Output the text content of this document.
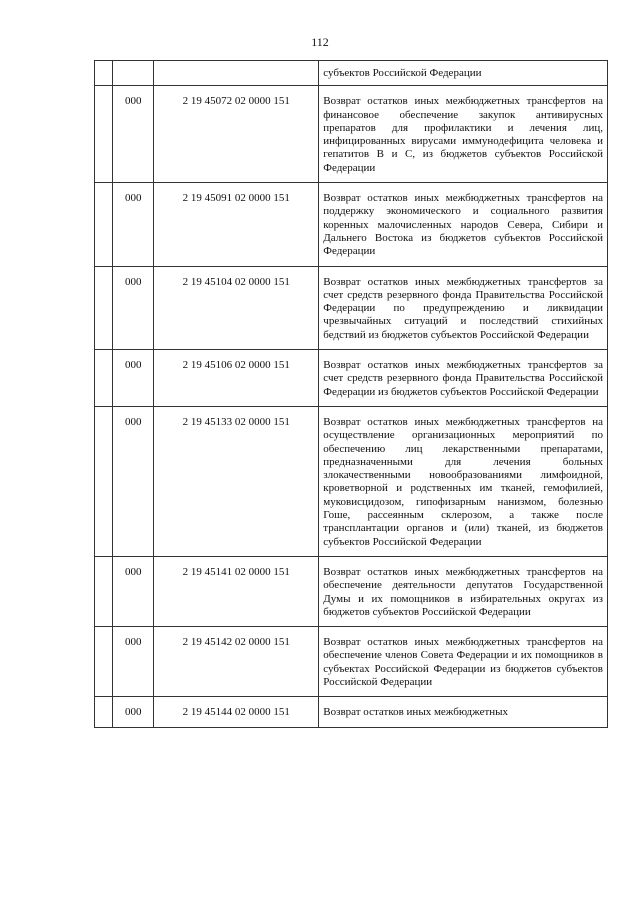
112
			субъектов Российской Федерации
	000	2 19 45072 02 0000 151	Возврат остатков иных межбюджетных трансфертов на финансовое обеспечение закупок антивирусных препаратов для профилактики и лечения лиц, инфицированных вирусами иммунодефицита человека и гепатитов B и C, из бюджетов субъектов Российской Федерации
	000	2 19 45091 02 0000 151	Возврат остатков иных межбюджетных трансфертов на поддержку экономического и социального развития коренных малочисленных народов Севера, Сибири и Дальнего Востока из бюджетов субъектов Российской Федерации
	000	2 19 45104 02 0000 151	Возврат остатков иных межбюджетных трансфертов за счет средств резервного фонда Правительства Российской Федерации по предупреждению и ликвидации чрезвычайных ситуаций и последствий стихийных бедствий из бюджетов субъектов Российской Федерации
	000	2 19 45106 02 0000 151	Возврат остатков иных межбюджетных трансфертов за счет средств резервного фонда Правительства Российской Федерации из бюджетов субъектов Российской Федерации
	000	2 19 45133 02 0000 151	Возврат остатков иных межбюджетных трансфертов на осуществление организационных мероприятий по обеспечению лиц лекарственными препаратами, предназначенными для лечения больных злокачественными новообразованиями лимфоидной, кроветворной и родственных им тканей, гемофилией, муковисцидозом, гипофизарным нанизмом, болезнью Гоше, рассеянным склерозом, а также после трансплантации органов и (или) тканей, из бюджетов субъектов Российской Федерации
	000	2 19 45141 02 0000 151	Возврат остатков иных межбюджетных трансфертов на обеспечение деятельности депутатов Государственной Думы и их помощников в избирательных округах из бюджетов субъектов Российской Федерации
	000	2 19 45142 02 0000 151	Возврат остатков иных межбюджетных трансфертов на обеспечение членов Совета Федерации и их помощников в субъектах Российской Федерации из бюджетов субъектов Российской Федерации
	000	2 19 45144 02 0000 151	Возврат остатков иных межбюджетных
